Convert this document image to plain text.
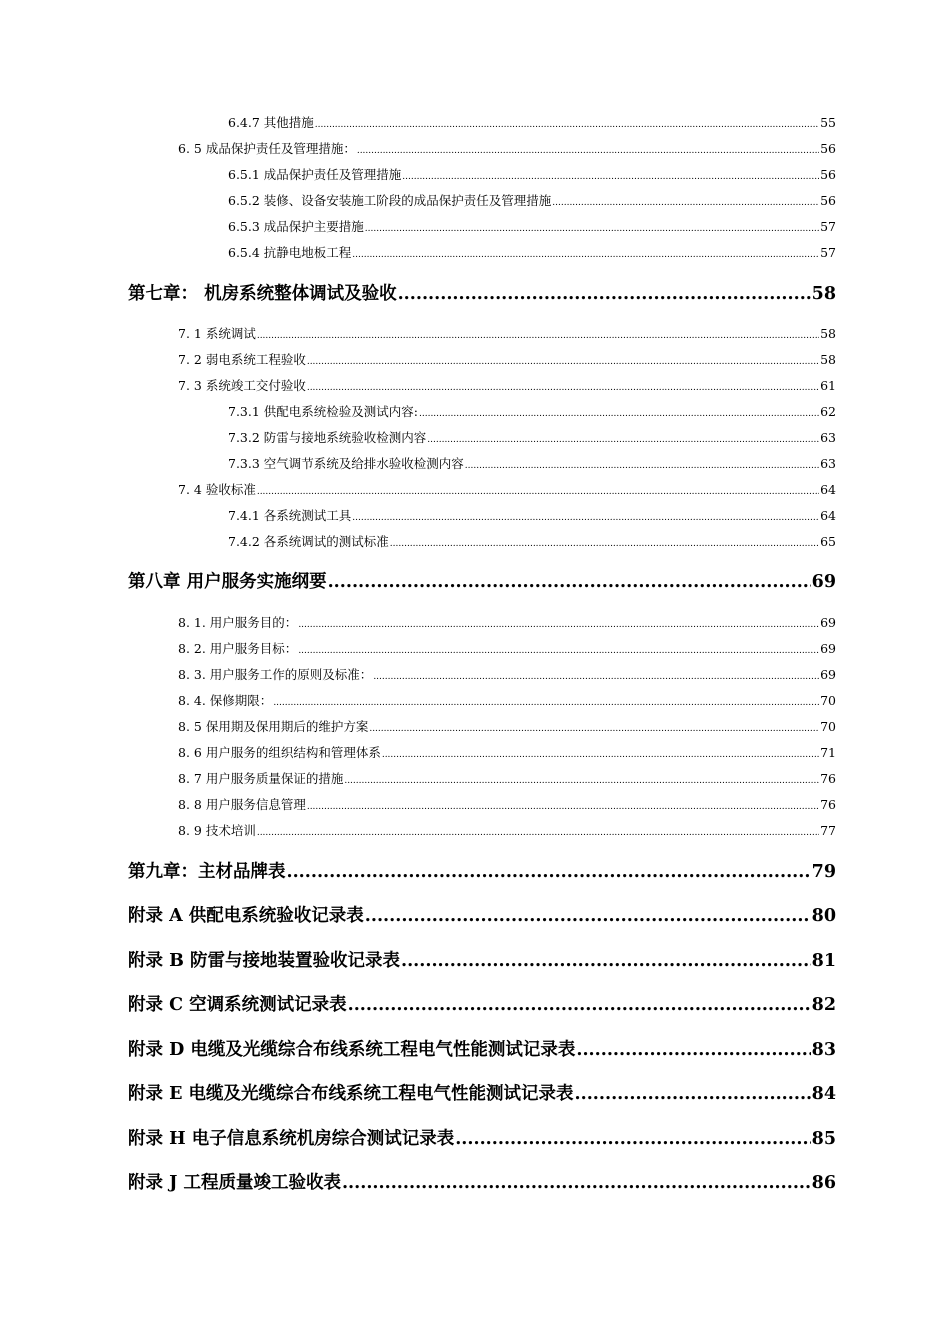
6.4.7 其他措施 .....	55
6. 5 成品保护责任及管理措施： .....	56
6.5.1 成品保护责任及管理措施 .....	56
6.5.2 装修、设备安装施工阶段的成品保护责任及管理措施 .....	56
6.5.3 成品保护主要措施 .....	57
6.5.4 抗静电地板工程 .....	57
第七章： 机房系统整体调试及验收 .....	58
7. 1 系统调试 .....	58
7. 2 弱电系统工程验收 .....	58
7. 3 系统竣工交付验收 .....	61
7.3.1 供配电系统检验及测试内容: .....	62
7.3.2 防雷与接地系统验收检测内容 .....	63
7.3.3 空气调节系统及给排水验收检测内容 .....	63
7. 4 验收标准 .....	64
7.4.1 各系统测试工具 .....	64
7.4.2 各系统调试的测试标准 .....	65
第八章 用户服务实施纲要 .....	69
8. 1. 用户服务目的： .....	69
8. 2. 用户服务目标： .....	69
8. 3. 用户服务工作的原则及标准： .....	69
8. 4. 保修期限： .....	70
8. 5 保用期及保用期后的维护方案 .....	70
8. 6 用户服务的组织结构和管理体系 .....	71
8. 7 用户服务质量保证的措施 .....	76
8. 8 用户服务信息管理 .....	76
8. 9 技术培训 .....	77
第九章：主材品牌表 .....	79
附录 A 供配电系统验收记录表 .....	80
附录 B 防雷与接地装置验收记录表 .....	81
附录 C 空调系统测试记录表 .....	82
附录 D 电缆及光缆综合布线系统工程电气性能测试记录表 .....	83
附录 E 电缆及光缆综合布线系统工程电气性能测试记录表 .....	84
附录 H 电子信息系统机房综合测试记录表 .....	85
附录 J 工程质量竣工验收表 .....	86
